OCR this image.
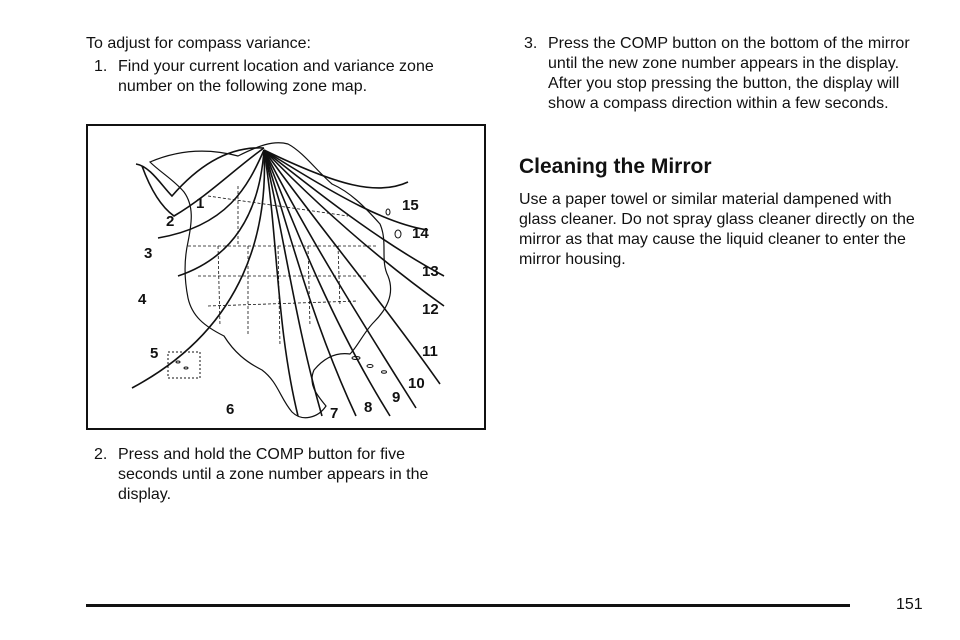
To adjust for compass variance:
1. Find your current location and variance zone number on the following zone map.
1
2
3
4
5
6	7 8
9
10
11
12
13
14
15
2. Press and hold the COMP button for five seconds until a zone number appears in the display.
3. Press the COMP button on the bottom of the mirror until the new zone number appears in the display. After you stop pressing the button, the display will show a compass direction within a few seconds.
Cleaning the Mirror
Use a paper towel or similar material dampened with glass cleaner. Do not spray glass cleaner directly on the mirror as that may cause the liquid cleaner to enter the mirror housing.
151
